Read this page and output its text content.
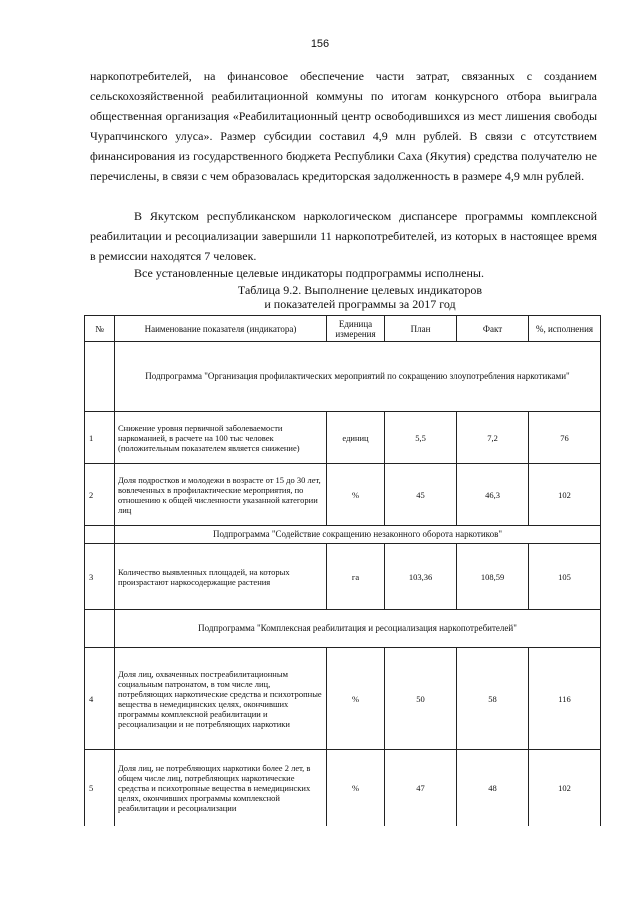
156

наркопотребителей, на финансовое обеспечение части затрат, связанных с созданием сельскохозяйственной реабилитационной коммуны по итогам конкурсного отбора выиграла общественная организация «Реабилитационный центр освободившихся из мест лишения свободы Чурапчинского улуса». Размер субсидии составил 4,9 млн рублей. В связи с отсутствием финансирования из государственного бюджета Республики Саха (Якутия) средства получателю не перечислены, в связи с чем образовалась кредиторская задолженность в размере 4,9 млн рублей.

В Якутском республиканском наркологическом диспансере программы комплексной реабилитации и ресоциализации завершили 11 наркопотребителей, из которых в настоящее время в ремиссии находятся 7 человек.

Все установленные целевые индикаторы подпрограммы исполнены.

Таблица 9.2. Выполнение целевых индикаторов
и показателей программы за 2017 год
№	Наименование показателя (индикатора)	Единица измерения	План	Факт	%, исполнения
	Подпрограмма "Организация профилактических мероприятий по сокращению злоупотребления наркотиками"				
1	Снижение уровня первичной заболеваемости наркоманией, в расчете на 100 тыс человек (положительным показателем является снижение)	единиц	5,5	7,2	76
2	Доля подростков и молодежи в возрасте от 15 до 30 лет, вовлеченных в профилактические мероприятия, по отношению к общей численности указанной категории лиц	%	45	46,3	102
	Подпрограмма "Содействие сокращению незаконного оборота наркотиков"				
3	Количество выявленных площадей, на которых произрастают наркосодержащие растения	га	103,36	108,59	105
	Подпрограмма "Комплексная реабилитация и ресоциализация наркопотребителей"				
4	Доля лиц, охваченных постреабилитационным социальным патронатом, в том числе лиц, потребляющих наркотические средства и психотропные вещества в немедицинских целях, окончивших программы комплексной реабилитации и ресоциализации и не потребляющих наркотики	%	50	58	116
5	Доля лиц, не потребляющих наркотики более 2 лет, в общем числе лиц, потребляющих наркотические средства и психотропные вещества в немедицинских целях, окончивших программы комплексной реабилитации и ресоциализации	%	47	48	102
